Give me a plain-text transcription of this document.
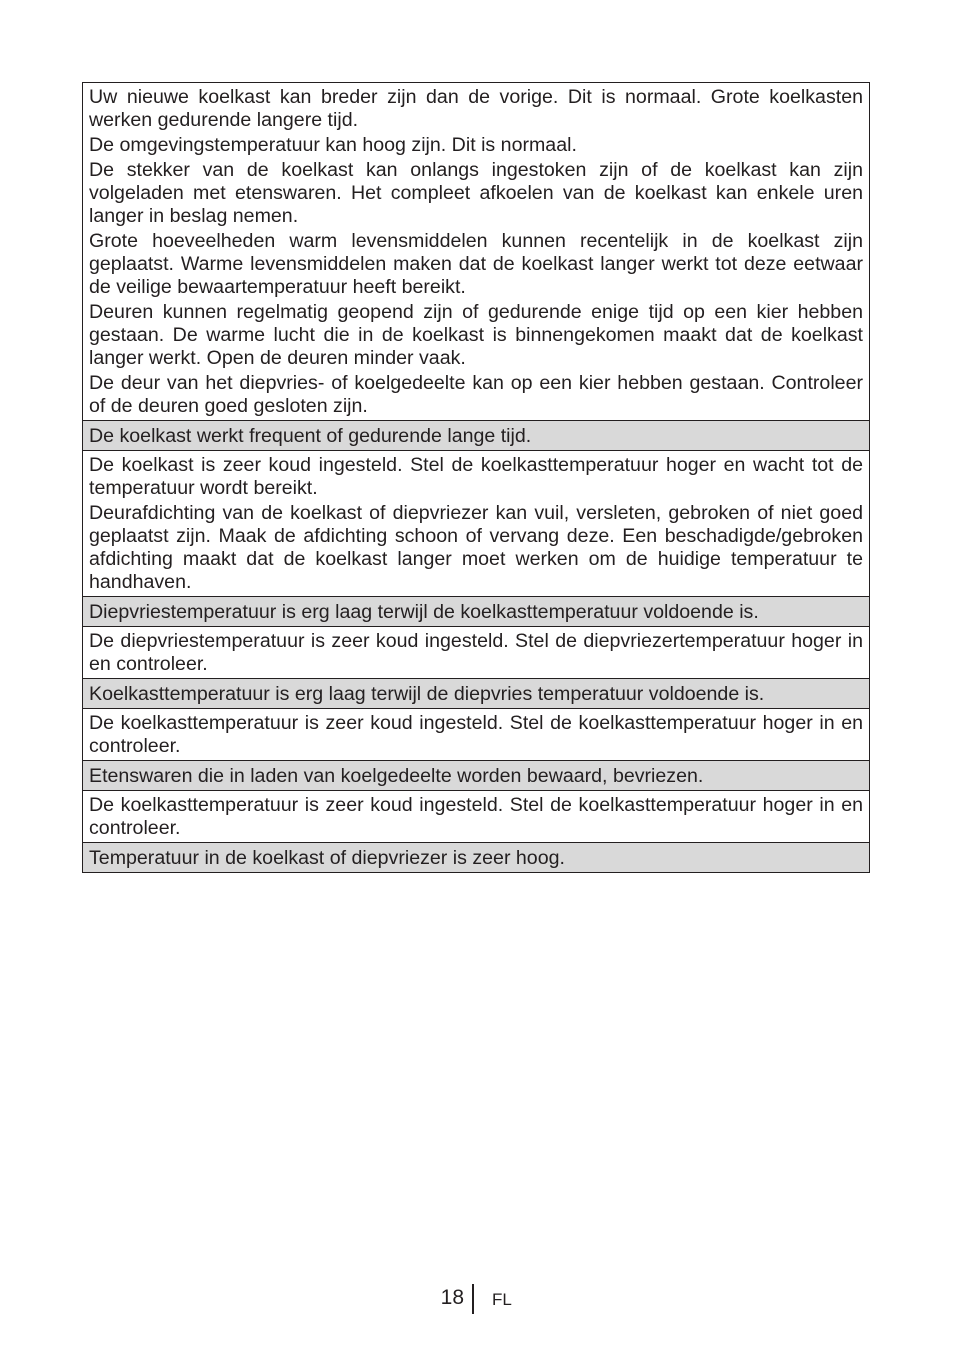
Uw nieuwe koelkast kan breder zijn dan de vorige. Dit is normaal. Grote koelkasten werken gedurende langere tijd.

De omgevingstemperatuur kan hoog zijn. Dit is normaal.

De stekker van de koelkast kan onlangs ingestoken zijn of de koelkast kan zijn volgeladen met etenswaren. Het compleet afkoelen van de koelkast kan enkele uren langer in beslag nemen.

Grote hoeveelheden warm levensmiddelen kunnen recentelijk in de koelkast zijn geplaatst. Warme levensmiddelen maken dat de koelkast langer werkt tot deze eetwaar de veilige bewaartemperatuur heeft bereikt.

Deuren kunnen regelmatig geopend zijn of gedurende enige tijd op een kier hebben gestaan. De warme lucht die in de koelkast is binnengekomen maakt dat de koelkast langer werkt. Open de deuren minder vaak.

De deur van het diepvries- of koelgedeelte kan op een kier hebben gestaan. Controleer of de deuren goed gesloten zijn.

De koelkast werkt frequent of gedurende lange tijd.

De koelkast is zeer koud ingesteld. Stel de koelkasttemperatuur hoger en wacht tot de temperatuur wordt bereikt.

Deurafdichting van de koelkast of diepvriezer kan vuil, versleten, gebroken of niet goed geplaatst zijn. Maak de afdichting schoon of vervang deze. Een beschadigde/gebroken afdichting maakt dat de koelkast langer moet werken om de huidige temperatuur te handhaven.

Diepvriestemperatuur is erg laag terwijl de koelkasttemperatuur voldoende is.

De diepvriestemperatuur is zeer koud ingesteld. Stel de diepvriezertemperatuur hoger in en controleer.

Koelkasttemperatuur is erg laag terwijl de diepvries temperatuur voldoende is.

De koelkasttemperatuur is zeer koud ingesteld. Stel de koelkasttemperatuur hoger in en controleer.

Etenswaren die in laden van koelgedeelte worden bewaard, bevriezen.

De koelkasttemperatuur is zeer koud ingesteld. Stel de koelkasttemperatuur hoger in en controleer.

Temperatuur in de koelkast of diepvriezer is zeer hoog.

18 FL
